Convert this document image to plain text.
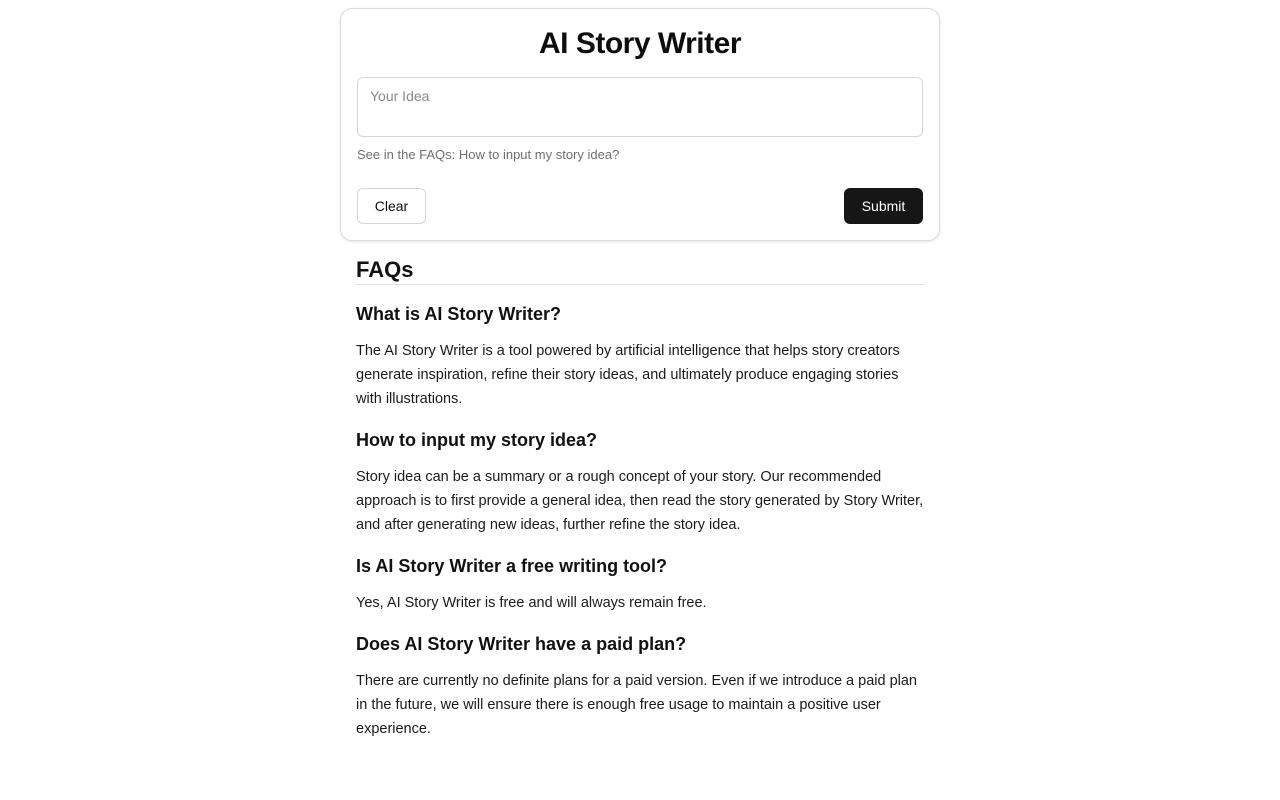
AI Story Writer
Your Idea
See in the FAQs: How to input my story idea?
Clear	Submit
FAQs
What is AI Story Writer?

The AI Story Writer is a tool powered by artificial intelligence that helps story creators generate inspiration, refine their story ideas, and ultimately produce engaging stories with illustrations.

How to input my story idea?

Story idea can be a summary or a rough concept of your story. Our recommended approach is to first provide a general idea, then read the story generated by Story Writer, and after generating new ideas, further refine the story idea.

Is AI Story Writer a free writing tool?

Yes, AI Story Writer is free and will always remain free.

Does AI Story Writer have a paid plan?

There are currently no definite plans for a paid version. Even if we introduce a paid plan in the future, we will ensure there is enough free usage to maintain a positive user experience.
